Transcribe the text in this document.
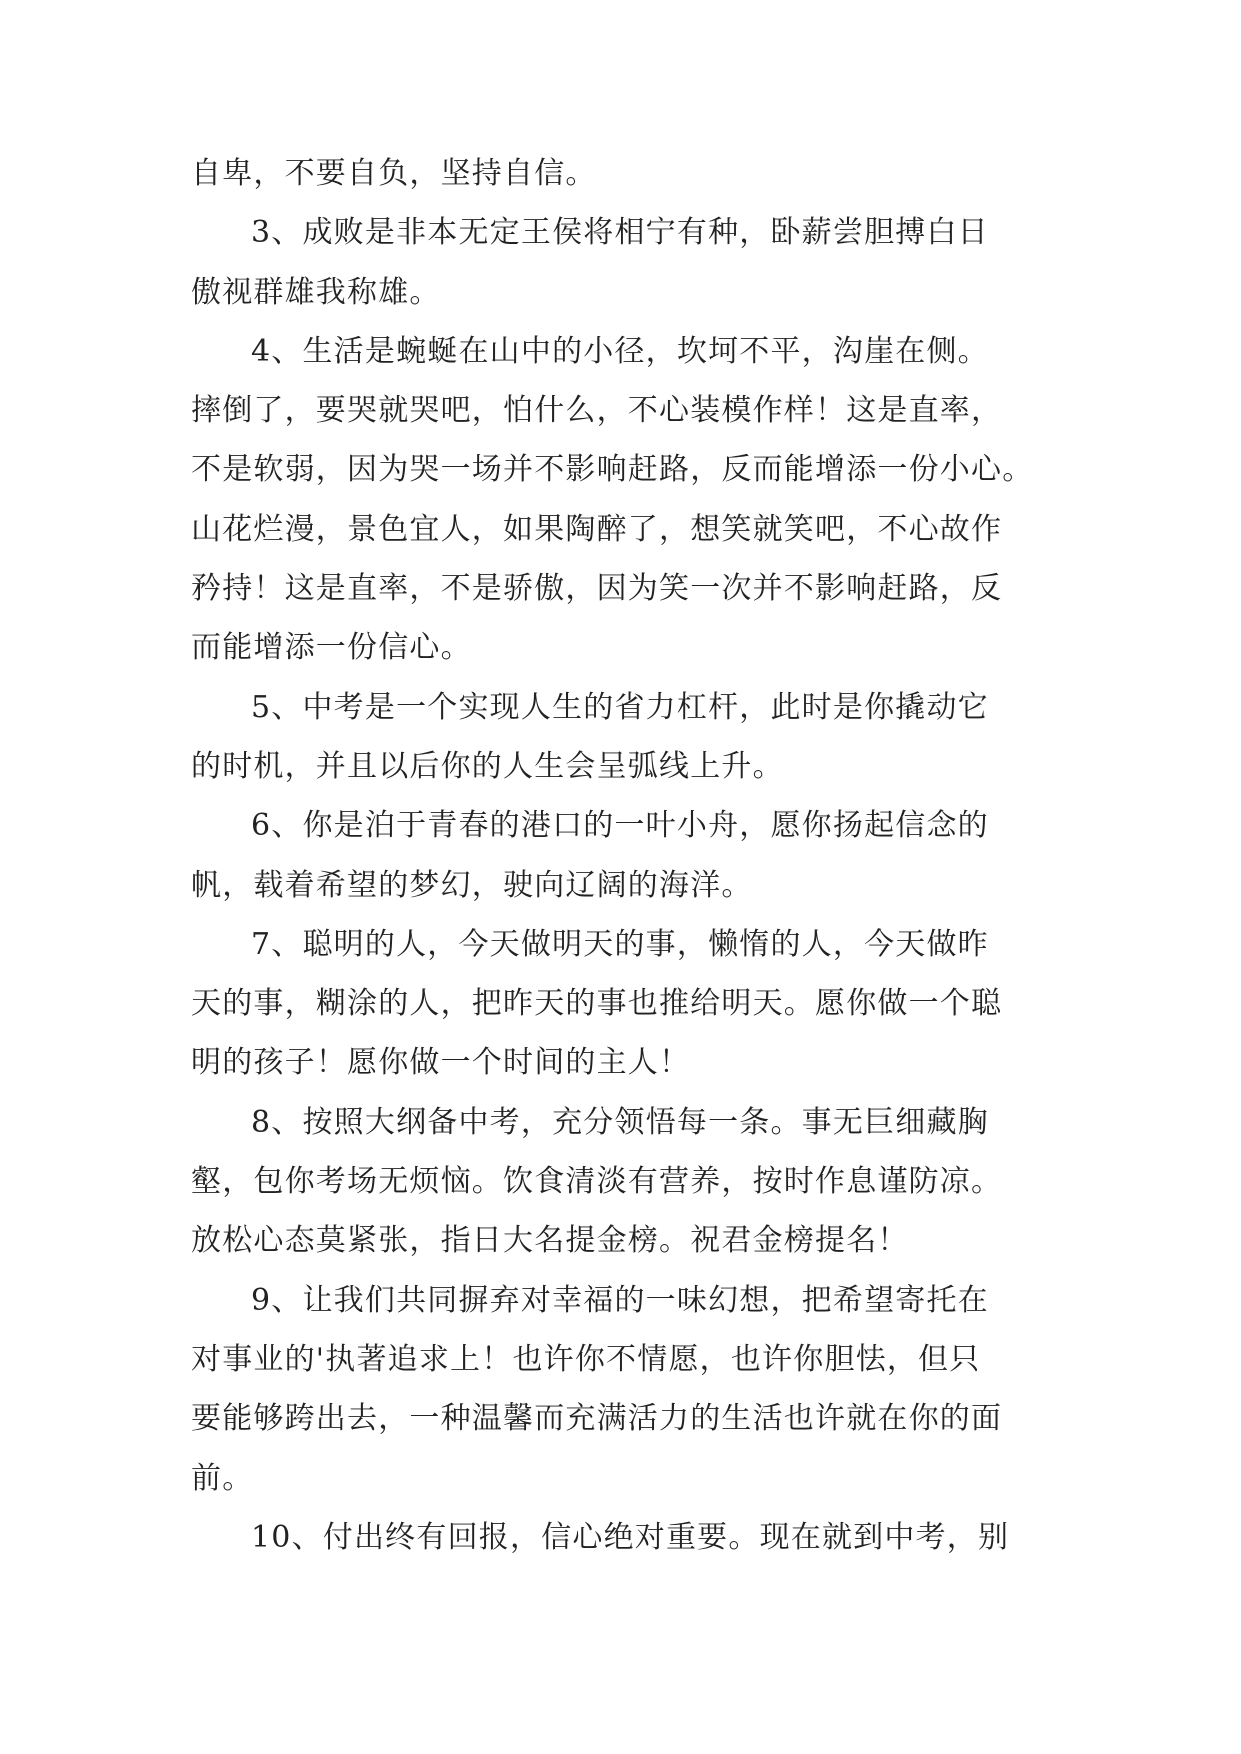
自卑，不要自负，坚持自信。
3、成败是非本无定王侯将相宁有种，卧薪尝胆搏白日
傲视群雄我称雄。
4、生活是蜿蜒在山中的小径，坎坷不平，沟崖在侧。
摔倒了，要哭就哭吧，怕什么，不心装模作样！这是直率，
不是软弱，因为哭一场并不影响赶路，反而能增添一份小心。
山花烂漫，景色宜人，如果陶醉了，想笑就笑吧，不心故作
矜持！这是直率，不是骄傲，因为笑一次并不影响赶路，反
而能增添一份信心。
5、中考是一个实现人生的省力杠杆，此时是你撬动它
的时机，并且以后你的人生会呈弧线上升。
6、你是泊于青春的港口的一叶小舟，愿你扬起信念的
帆，载着希望的梦幻，驶向辽阔的海洋。
7、聪明的人，今天做明天的事，懒惰的人，今天做昨
天的事，糊涂的人，把昨天的事也推给明天。愿你做一个聪
明的孩子！愿你做一个时间的主人！
8、按照大纲备中考，充分领悟每一条。事无巨细藏胸
壑，包你考场无烦恼。饮食清淡有营养，按时作息谨防凉。
放松心态莫紧张，指日大名提金榜。祝君金榜提名！
9、让我们共同摒弃对幸福的一味幻想，把希望寄托在
对事业的'执著追求上！也许你不情愿，也许你胆怯，但只
要能够跨出去，一种温馨而充满活力的生活也许就在你的面
前。
10、付出终有回报，信心绝对重要。现在就到中考，别
